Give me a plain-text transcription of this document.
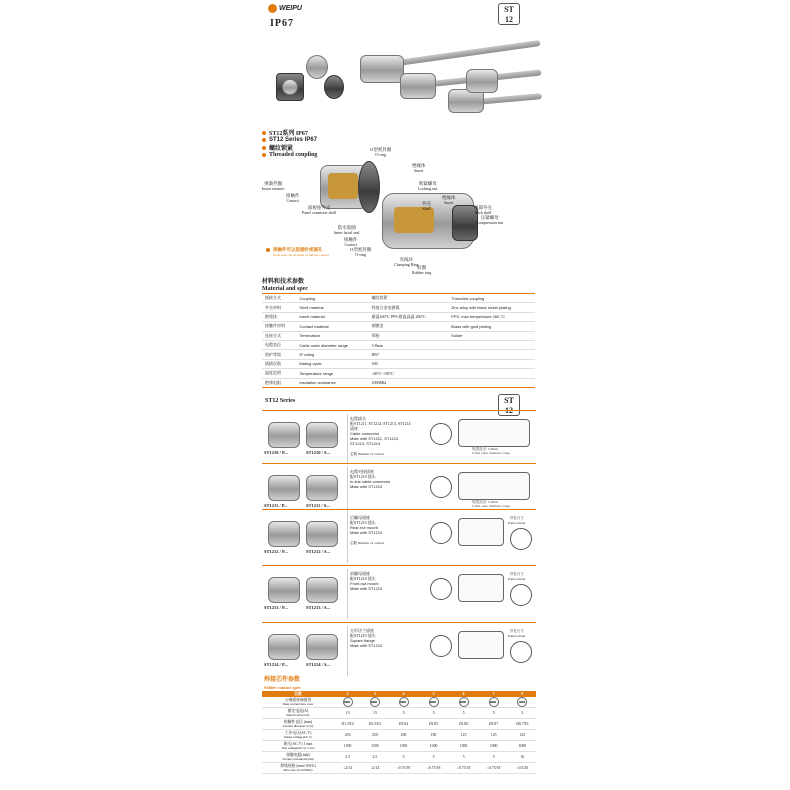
WEIPU
IP67
ST
12
ST12系列 IP67
ST12 Series IP67
螺纹锁紧
Threaded coupling
O型密封圈
O-ring
绝缘体
Insert
锁紧螺母
Locking nut
绝缘体
Insert
尾部外壳
Back shell
外壳
Shell
压紧螺母
Compression nut
弹簧挡圈
Insert retainer
接触件
Contact
面板座外壳
Panel connector shell
防水胶圈
Inner facial seal
接触件
Contact
O型密封圈
O-ring
夹线环
Clamping Ring
胶圈
Rubber ring
接触件可以是插针或插孔
Each side can be male or female contact
材料和技术参数
Material and spec
插接方式	Coupling	螺纹锁紧	Threaded coupling
外壳材料	Shell material	锌基合金电镀镍	Zinc alloy with black nickel plating
绝缘体	Insert material	耐温260°C PPS 耐温高温 260°C	PPS, max temperature 260 °C
接触件材料	Contact material	铜镀金	Brass with gold plating
连接方式	Termination	焊接	Solder
电缆直径	Cable outer diameter range	5-8mm	
防护等级	IP rating	IP67	
插拔次数	Mating cycle	500	
温度范围	Temperature range	-40°C~+85°C	
绝缘电阻	Insulation resistance	2000MΩ	
ST12 Series	ST
12
ST1210 / P...	ST1210 / S...
电缆插头
配ST1211, ST1212, ST1213, ST1214
插座
Cable connector
Mate with ST1211, ST1212,
ST1213, ST1214
芯数 Number of contact
电缆直径: 5-8mm
Cable outer diameter range
ST1211 / P...	ST1211 / S...
电缆对接插座
配ST1210 插头
In-line cable connector
Mate with ST1210
电缆直径: 5-8mm
Cable outer diameter range
ST1212 / P...	ST1212 / S...
后螺母插座
配ST1210 插头
Rear-nut mount
Mate with ST1210
芯数 Number of contact
开孔尺寸
Panel cutout
ST1213 / P...	ST1213 / S...
前螺母插座
配ST1210 插头
Front-nut mount
Mate with ST1210
开孔尺寸
Panel cutout
ST1214 / P...	ST1214 / S...
方形法兰插座
配ST1210 插头
Square flange
Mate with ST1210
开孔尺寸
Panel cutout
焊接芯件参数
Solder contact spec
芯数	2	3	4	5	6	7	9

公端插座端面图
Male contact face view							

额定电流(A)
Rated current (A)	13	13	5	5	5	5	3

接触件直径 (mm)
Contact diameter (mm)	Ø1.5X2	Ø1.5X3	Ø1X4	Ø1X5	Ø1X6	Ø1X7	Ø0.7X9

工作电压(AC.V)
Rated voltage(AC.V)	250	250	200	180	125	125	125

耐压(AC.V) 1 min
Test voltage(AC.V) 1 min	1500	1500	1500	1000	1000	1000	1000

接触电阻(mΩ)
Contact resistance(mΩ)	2.5	2.5	5	5	5	5	10

焊线规格 (mm²/AWG)
Wire size (mm²/AWG)	≤2/14	≤2/14	≤0.75/18	≤0.75/18	≤0.75/18	≤0.75/18	≤0.5/20
